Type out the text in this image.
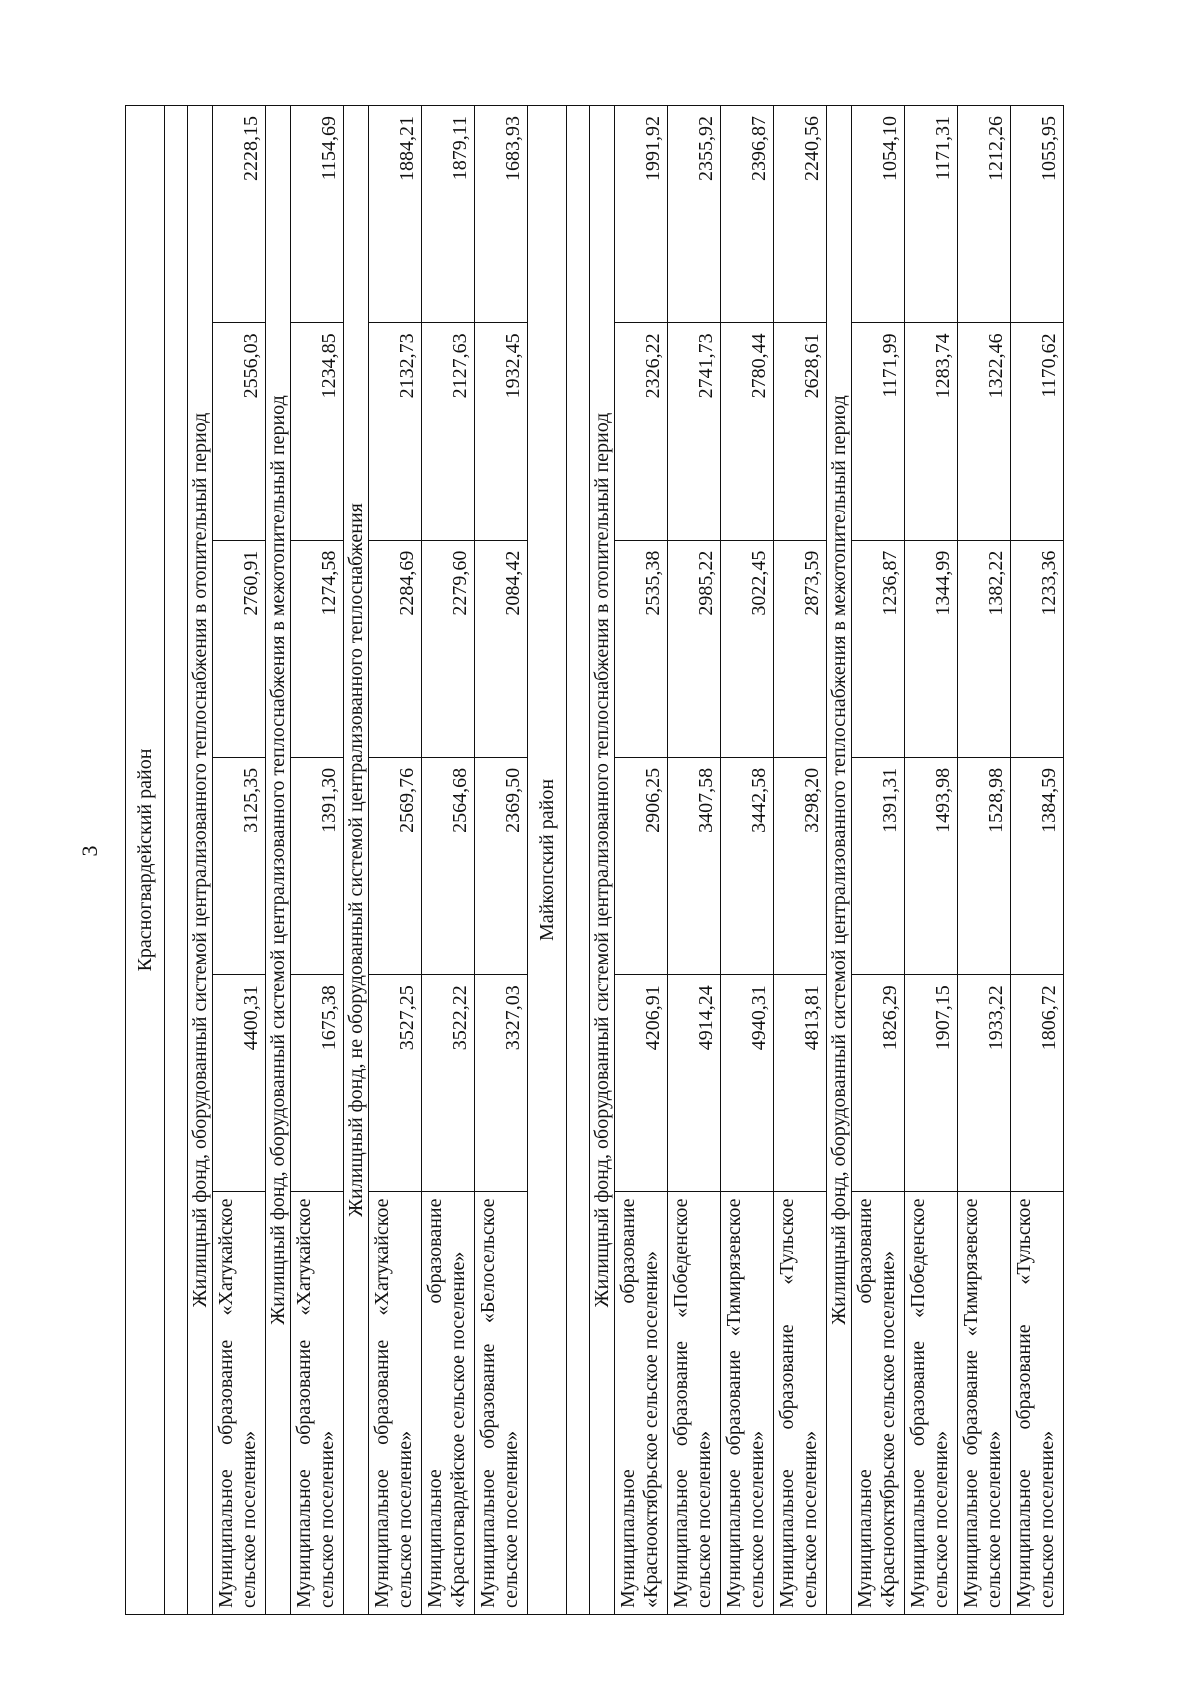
3 Красногвардейский район					

Жилищный фонд, оборудованный системой централизованного теплоснабжения в отопительный период					
Муниципальное образование «Хатукайское сельское поселение»	4400,31	3125,35	2760,91	2556,03	2228,15
Жилищный фонд, оборудованный системой централизованного теплоснабжения в межотопительный период					
Муниципальное образование «Хатукайское сельское поселение»	1675,38	1391,30	1274,58	1234,85	1154,69
Жилищный фонд, не оборудованный системой централизованного теплоснабжения					
Муниципальное образование «Хатукайское сельское поселение»	3527,25	2569,76	2284,69	2132,73	1884,21
Муниципальное образование «Красногвардейское сельское поселение»	3522,22	2564,68	2279,60	2127,63	1879,11
Муниципальное образование «Белосельское сельское поселение»	3327,03	2369,50	2084,42	1932,45	1683,93
Майкопский район					

Жилищный фонд, оборудованный системой централизованного теплоснабжения в отопительный период					
Муниципальное образование «Краснооктябрьское сельское поселение»	4206,91	2906,25	2535,38	2326,22	1991,92
Муниципальное образование «Победенское сельское поселение»	4914,24	3407,58	2985,22	2741,73	2355,92
Муниципальное образование «Тимирязевское сельское поселение»	4940,31	3442,58	3022,45	2780,44	2396,87
Муниципальное образование «Тульское сельское поселение»	4813,81	3298,20	2873,59	2628,61	2240,56
Жилищный фонд, оборудованный системой централизованного теплоснабжения в межотопительный период					
Муниципальное образование «Краснооктябрьское сельское поселение»	1826,29	1391,31	1236,87	1171,99	1054,10
Муниципальное образование «Победенское сельское поселение»	1907,15	1493,98	1344,99	1283,74	1171,31
Муниципальное образование «Тимирязевское сельское поселение»	1933,22	1528,98	1382,22	1322,46	1212,26
Муниципальное образование «Тульское сельское поселение»	1806,72	1384,59	1233,36	1170,62	1055,95
